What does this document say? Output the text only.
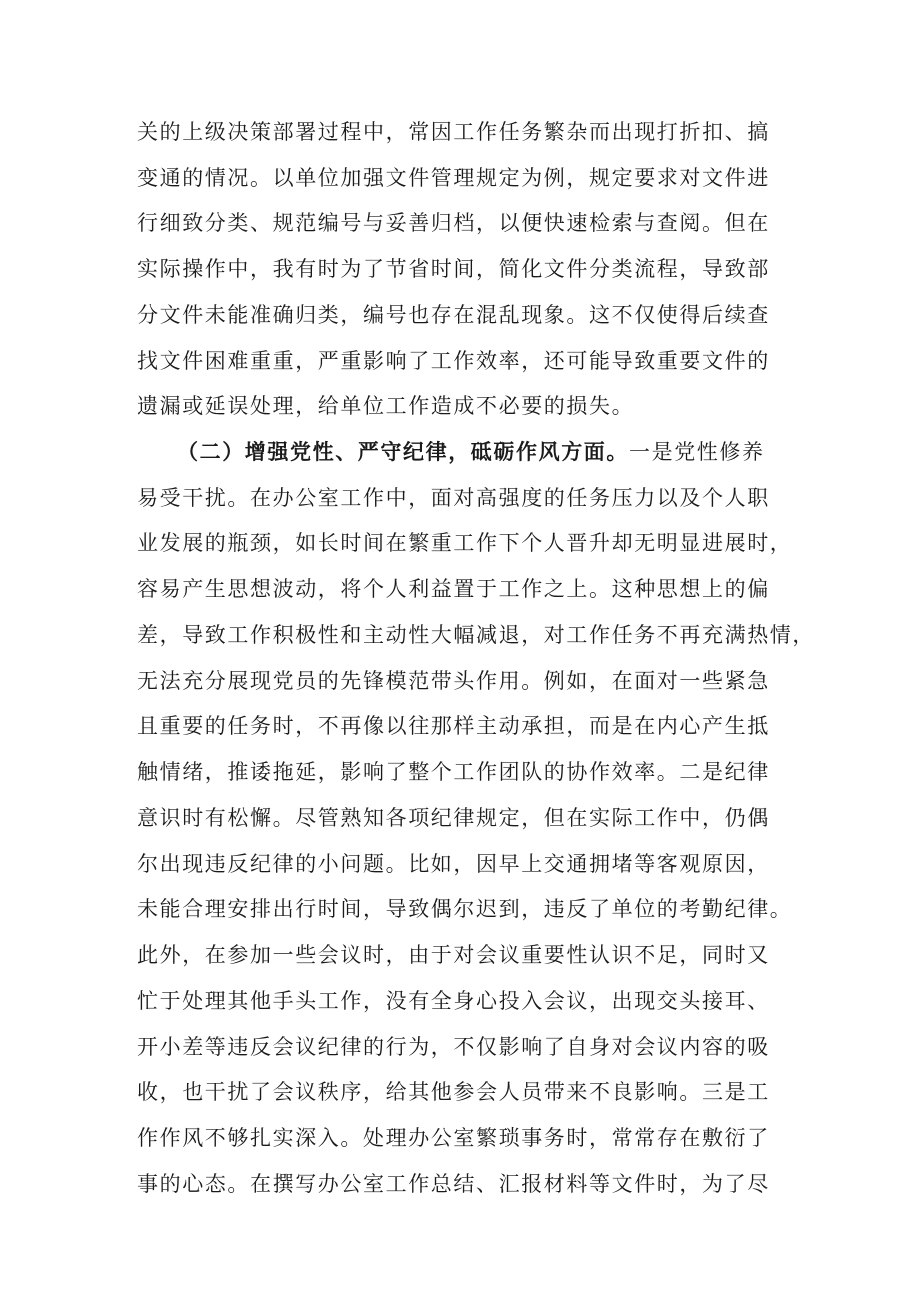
关的上级决策部署过程中，常因工作任务繁杂而出现打折扣、搞
变通的情况。以单位加强文件管理规定为例，规定要求对文件进
行细致分类、规范编号与妥善归档，以便快速检索与查阅。但在
实际操作中，我有时为了节省时间，简化文件分类流程，导致部
分文件未能准确归类，编号也存在混乱现象。这不仅使得后续查
找文件困难重重，严重影响了工作效率，还可能导致重要文件的
遗漏或延误处理，给单位工作造成不必要的损失。
（二）增强党性、严守纪律，砥砺作风方面。一是党性修养
易受干扰。在办公室工作中，面对高强度的任务压力以及个人职
业发展的瓶颈，如长时间在繁重工作下个人晋升却无明显进展时，
容易产生思想波动，将个人利益置于工作之上。这种思想上的偏
差，导致工作积极性和主动性大幅减退，对工作任务不再充满热情，
无法充分展现党员的先锋模范带头作用。例如，在面对一些紧急
且重要的任务时，不再像以往那样主动承担，而是在内心产生抵
触情绪，推诿拖延，影响了整个工作团队的协作效率。二是纪律
意识时有松懈。尽管熟知各项纪律规定，但在实际工作中，仍偶
尔出现违反纪律的小问题。比如，因早上交通拥堵等客观原因，
未能合理安排出行时间，导致偶尔迟到，违反了单位的考勤纪律。
此外，在参加一些会议时，由于对会议重要性认识不足，同时又
忙于处理其他手头工作，没有全身心投入会议，出现交头接耳、
开小差等违反会议纪律的行为，不仅影响了自身对会议内容的吸
收，也干扰了会议秩序，给其他参会人员带来不良影响。三是工
作作风不够扎实深入。处理办公室繁琐事务时，常常存在敷衍了
事的心态。在撰写办公室工作总结、汇报材料等文件时，为了尽
